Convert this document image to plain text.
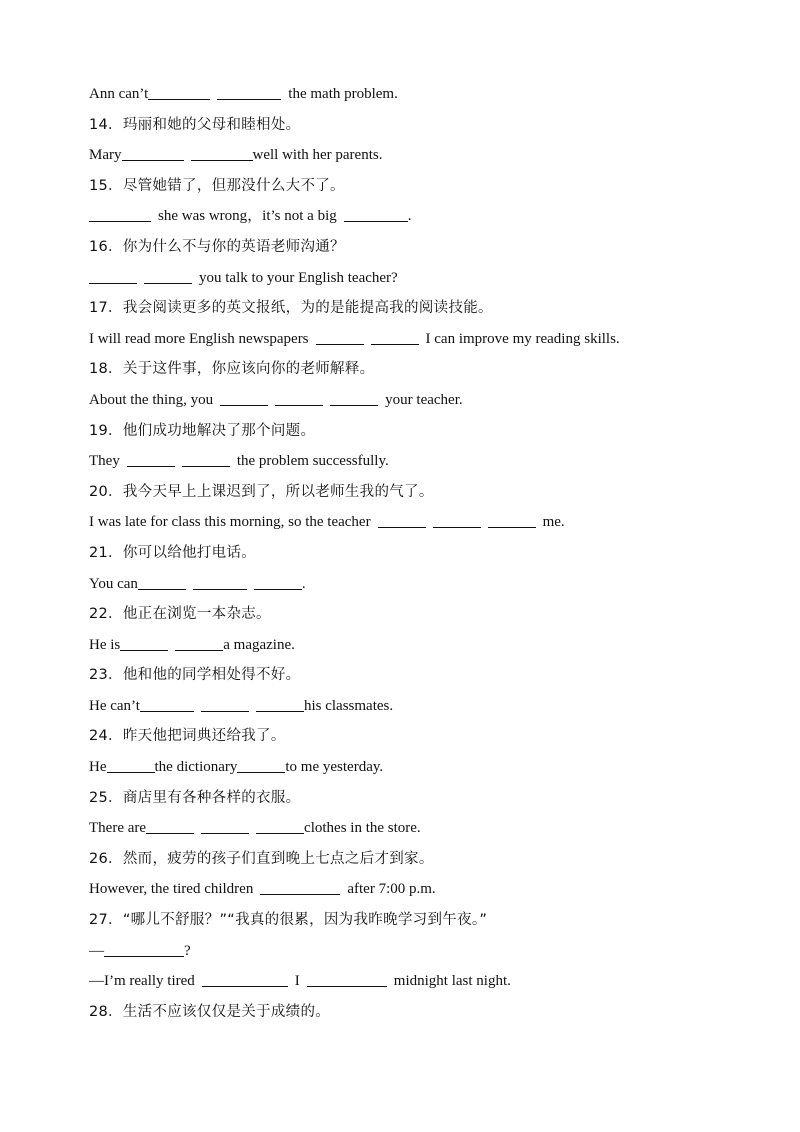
Ann can’t	the math problem.
14．玛丽和她的父母和睦相处。
Mary	well with her parents.
15．尽管她错了，但那没什么大不了。
she was wrong，it’s not a big	.
16．你为什么不与你的英语老师沟通？
you talk to your English teacher?
17．我会阅读更多的英文报纸，为的是能提高我的阅读技能。
I will read more English newspapers	I can improve my reading skills.
18．关于这件事，你应该向你的老师解释。
About the thing, you	your teacher.
19．他们成功地解决了那个问题。
They	the problem successfully.
20．我今天早上上课迟到了，所以老师生我的气了。
I was late for class this morning, so the teacher	me.
21．你可以给他打电话。
You can	.
22．他正在浏览一本杂志。
He is	a magazine.
23．他和他的同学相处得不好。
He can’t	his classmates.
24．昨天他把词典还给我了。
He	the dictionary	to me yesterday.
25．商店里有各种各样的衣服。
There are	clothes in the store.
26．然而，疲劳的孩子们直到晚上七点之后才到家。
However, the tired children	after 7:00 p.m.
27．“哪儿不舒服？”“我真的很累，因为我昨晚学习到午夜。”
—	?
—I’m really tired	I	midnight last night.
28．生活不应该仅仅是关于成绩的。
